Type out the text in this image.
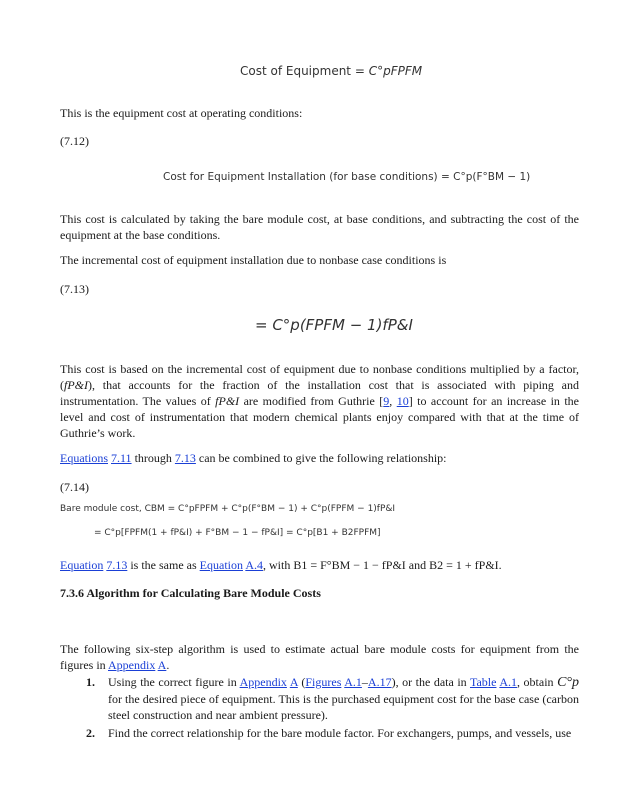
Cost of Equipment = C°pFPFM

This is the equipment cost at operating conditions:

(7.12)
Cost for Equipment Installation (for base conditions) = C°p(F°BM − 1)

This cost is calculated by taking the bare module cost, at base conditions, and subtracting the cost of the equipment at the base conditions.

The incremental cost of equipment installation due to nonbase case conditions is

(7.13)
= C°p(FPFM − 1)fP&I

This cost is based on the incremental cost of equipment due to nonbase conditions multiplied by a factor, (fP&I), that accounts for the fraction of the installation cost that is associated with piping and instrumentation. The values of fP&I are modified from Guthrie [9, 10] to account for an increase in the level and cost of instrumentation that modern chemical plants enjoy compared with that at the time of Guthrie’s work.

Equations 7.11 through 7.13 can be combined to give the following relationship:

(7.14)
Bare module cost, CBM = C°pFPFM + C°p(F°BM − 1) + C°p(FPFM − 1)fP&I
= C°p[FPFM(1 + fP&I) + F°BM − 1 − fP&I] = C°p[B1 + B2FPFM]

Equation 7.13 is the same as Equation A.4, with B1 = F°BM − 1 − fP&I and B2 = 1 + fP&I.

7.3.6 Algorithm for Calculating Bare Module Costs

The following six-step algorithm is used to estimate actual bare module costs for equipment from the figures in Appendix A.

1. Using the correct figure in Appendix A (Figures A.1–A.17), or the data in Table A.1, obtain C°p for the desired piece of equipment. This is the purchased equipment cost for the base case (carbon steel construction and near ambient pressure).
2. Find the correct relationship for the bare module factor. For exchangers, pumps, and vessels, use
